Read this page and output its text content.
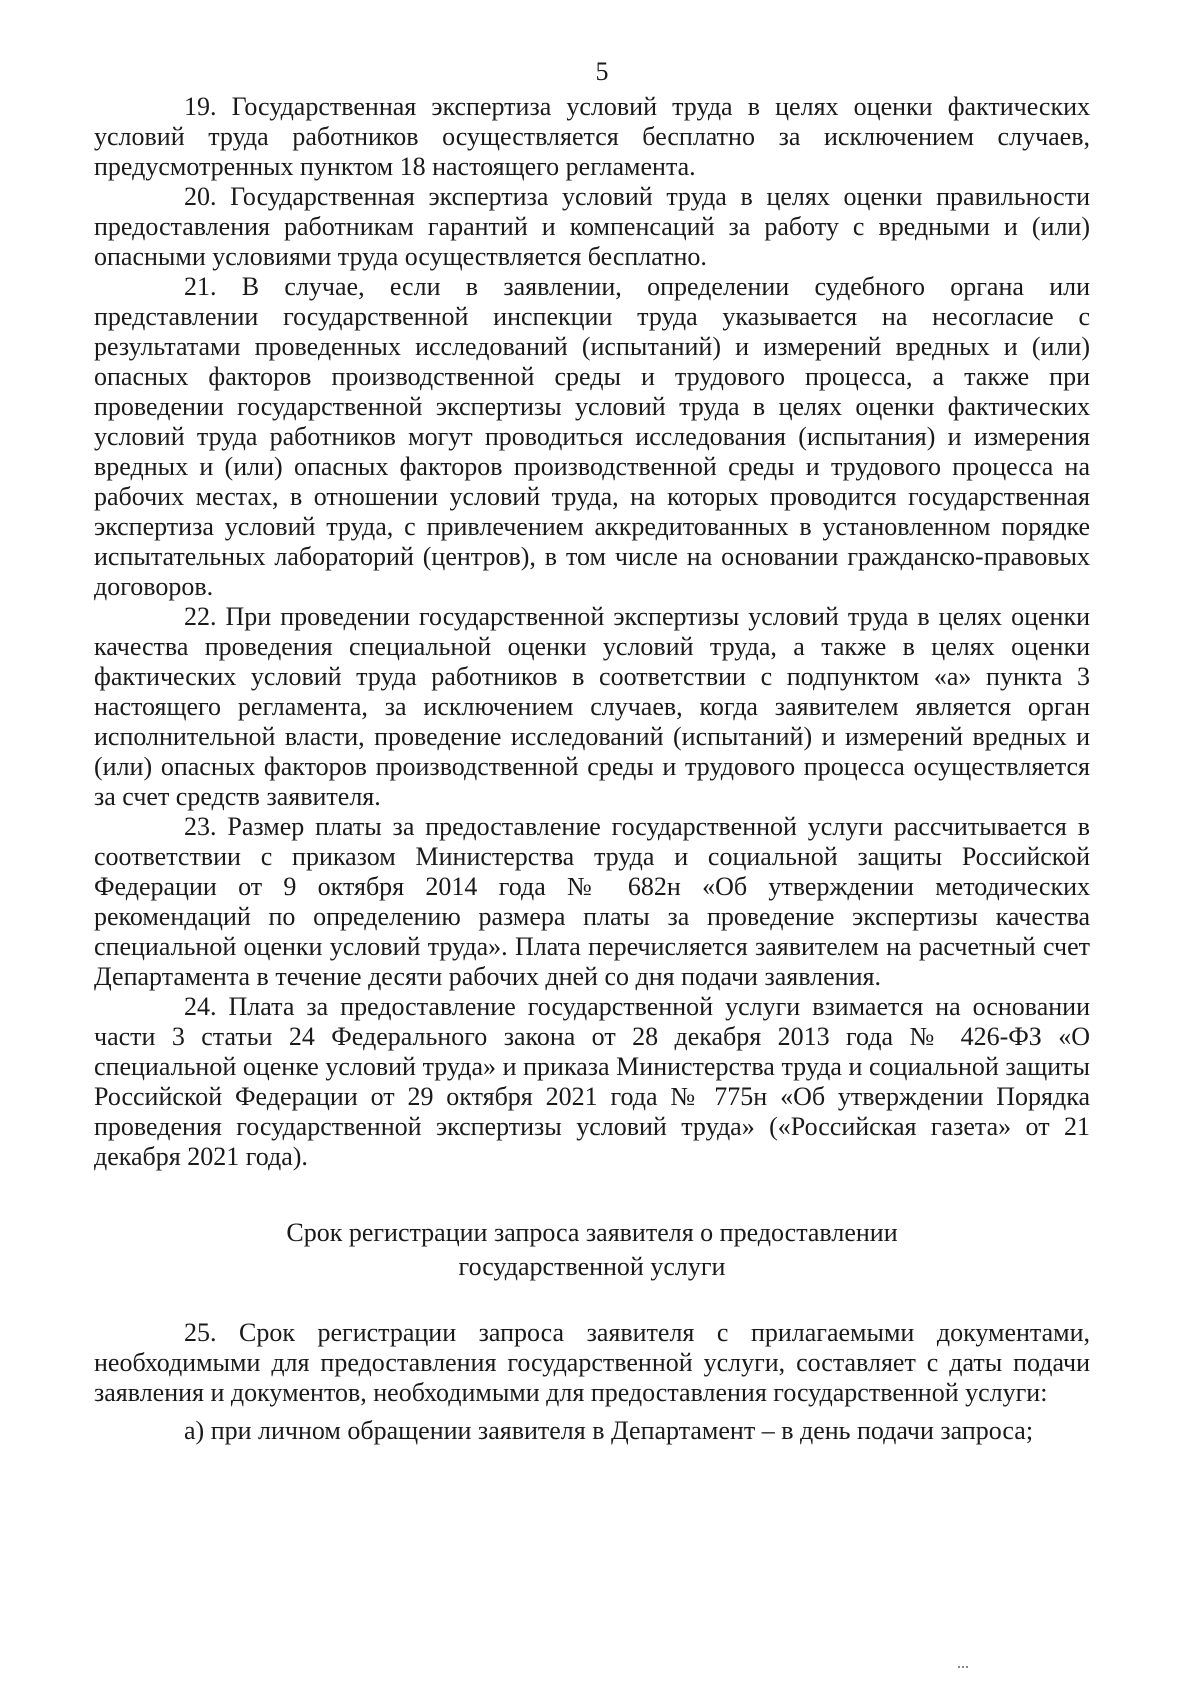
5

19. Государственная экспертиза условий труда в целях оценки фактических условий труда работников осуществляется бесплатно за исключением случаев, предусмотренных пунктом 18 настоящего регламента.

20. Государственная экспертиза условий труда в целях оценки правильности предоставления работникам гарантий и компенсаций за работу с вредными и (или) опасными условиями труда осуществляется бесплатно.

21. В случае, если в заявлении, определении судебного органа или представлении государственной инспекции труда указывается на несогласие с результатами проведенных исследований (испытаний) и измерений вредных и (или) опасных факторов производственной среды и трудового процесса, а также при проведении государственной экспертизы условий труда в целях оценки фактических условий труда работников могут проводиться исследования (испытания) и измерения вредных и (или) опасных факторов производственной среды и трудового процесса на рабочих местах, в отношении условий труда, на которых проводится государственная экспертиза условий труда, с привлечением аккредитованных в установленном порядке испытательных лабораторий (центров), в том числе на основании гражданско-правовых договоров.

22. При проведении государственной экспертизы условий труда в целях оценки качества проведения специальной оценки условий труда, а также в целях оценки фактических условий труда работников в соответствии с подпунктом «а» пункта 3 настоящего регламента, за исключением случаев, когда заявителем является орган исполнительной власти, проведение исследований (испытаний) и измерений вредных и (или) опасных факторов производственной среды и трудового процесса осуществляется за счет средств заявителя.

23. Размер платы за предоставление государственной услуги рассчитывается в соответствии с приказом Министерства труда и социальной защиты Российской Федерации от 9 октября 2014 года № 682н «Об утверждении методических рекомендаций по определению размера платы за проведение экспертизы качества специальной оценки условий труда». Плата перечисляется заявителем на расчетный счет Департамента в течение десяти рабочих дней со дня подачи заявления.

24. Плата за предоставление государственной услуги взимается на основании части 3 статьи 24 Федерального закона от 28 декабря 2013 года № 426-ФЗ «О специальной оценке условий труда» и приказа Министерства труда и социальной защиты Российской Федерации от 29 октября 2021 года № 775н «Об утверждении Порядка проведения государственной экспертизы условий труда» («Российская газета» от 21 декабря 2021 года).

Срок регистрации запроса заявителя о предоставлении
государственной услуги

25. Срок регистрации запроса заявителя с прилагаемыми документами, необходимыми для предоставления государственной услуги, составляет с даты подачи заявления и документов, необходимыми для предоставления государственной услуги:

а) при личном обращении заявителя в Департамент – в день подачи запроса;
